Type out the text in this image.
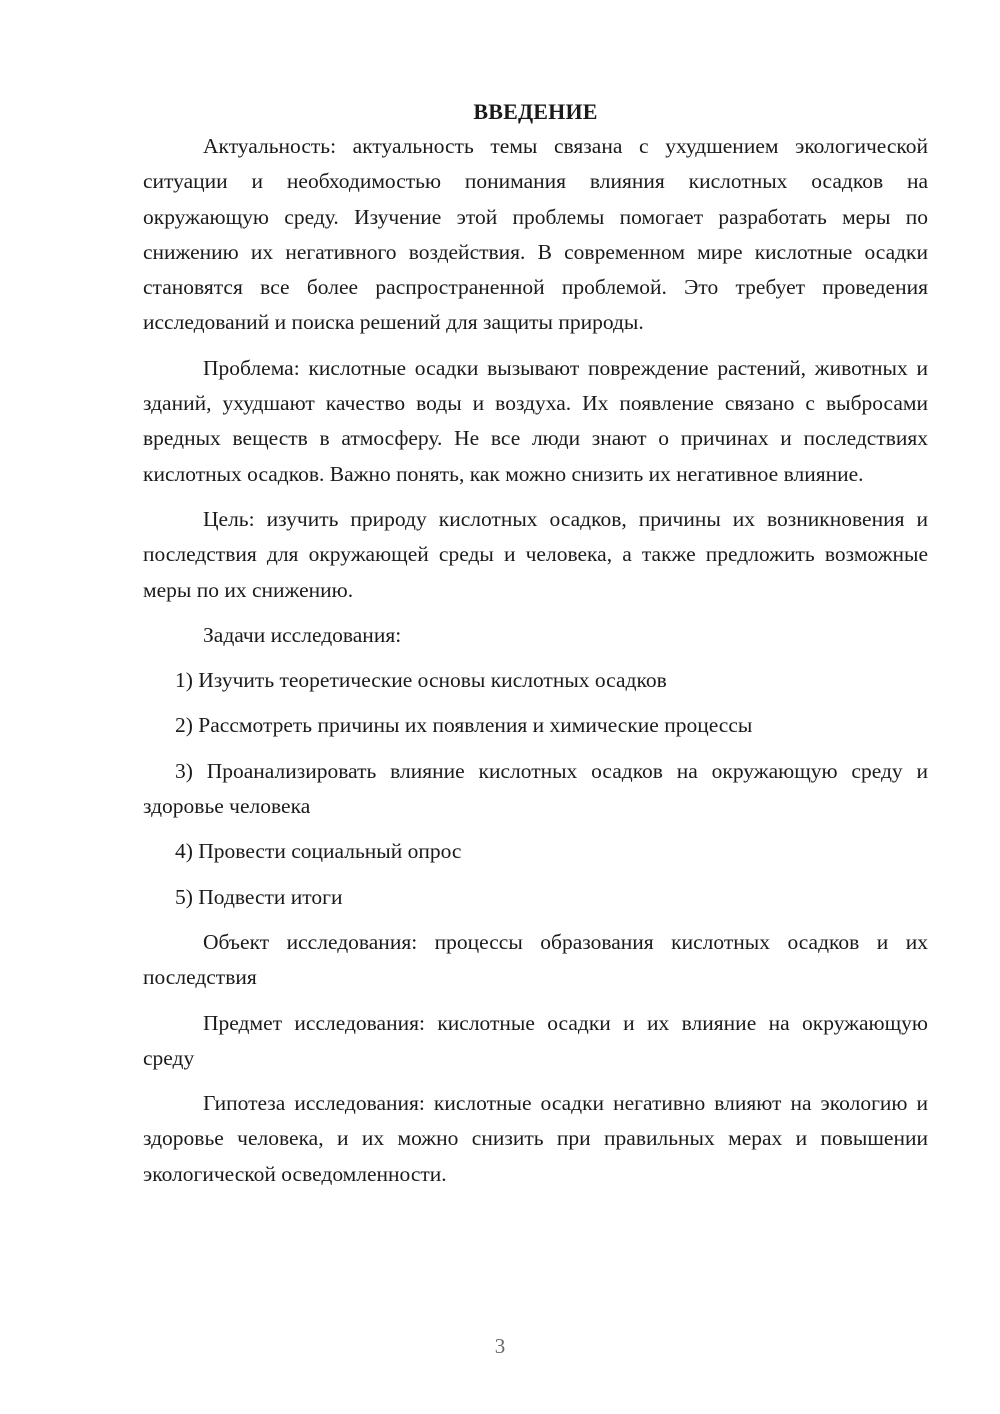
ВВЕДЕНИЕ

Актуальность: актуальность темы связана с ухудшением экологической ситуации и необходимостью понимания влияния кислотных осадков на окружающую среду. Изучение этой проблемы помогает разработать меры по снижению их негативного воздействия. В современном мире кислотные осадки становятся все более распространенной проблемой. Это требует проведения исследований и поиска решений для защиты природы.

Проблема: кислотные осадки вызывают повреждение растений, животных и зданий, ухудшают качество воды и воздуха. Их появление связано с выбросами вредных веществ в атмосферу. Не все люди знают о причинах и последствиях кислотных осадков. Важно понять, как можно снизить их негативное влияние.

Цель: изучить природу кислотных осадков, причины их возникновения и последствия для окружающей среды и человека, а также предложить возможные меры по их снижению.

Задачи исследования:

1) Изучить теоретические основы кислотных осадков

2) Рассмотреть причины их появления и химические процессы

3) Проанализировать влияние кислотных осадков на окружающую среду и здоровье человека

4) Провести социальный опрос

5) Подвести итоги

Объект исследования: процессы образования кислотных осадков и их последствия

Предмет исследования: кислотные осадки и их влияние на окружающую среду

Гипотеза исследования: кислотные осадки негативно влияют на экологию и здоровье человека, и их можно снизить при правильных мерах и повышении экологической осведомленности.

3
